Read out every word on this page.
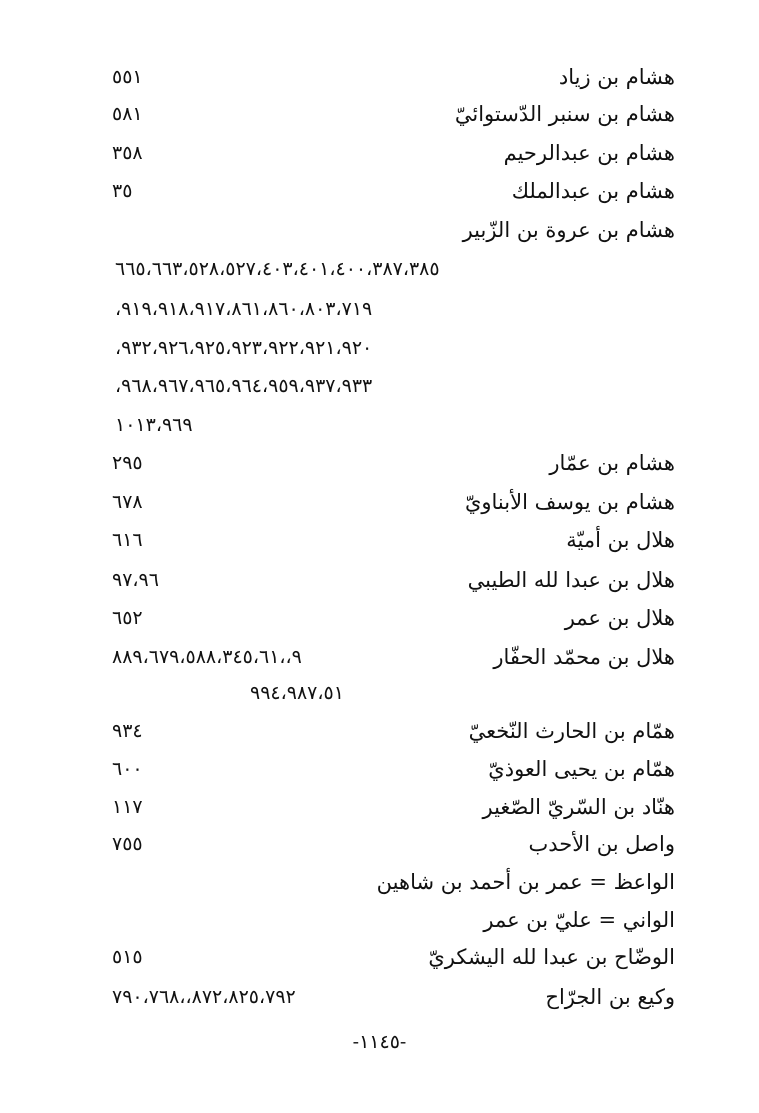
هشام بن زياد
٥٥١
هشام بن سنبر الدّستوائيّ
٥٨١
هشام بن عبدالرحيم
٣٥٨
هشام بن عبدالملك
٣٥
هشام بن عروة بن الزّبير
٦٦٥،٦٦٣،٥٢٨،٥٢٧،٤٠٣،٤٠١،٤٠٠،٣٨٧،٣٨٥
٩١٩،٩١٨،٩١٧،٨٦١،٨٦٠،٨٠٣،٧١٩،
٩٣٢،٩٢٦،٩٢٥،٩٢٣،٩٢٢،٩٢١،٩٢٠،
٩٦٨،٩٦٧،٩٦٥،٩٦٤،٩٥٩،٩٣٧،٩٣٣،
١٠١٣،٩٦٩
هشام بن عمّار
٢٩٥
هشام بن يوسف الأبناويّ
٦٧٨
هلال بن أميّة
٦١٦
هلال بن عبدا لله الطيبي
٩٧،٩٦
هلال بن عمر
٦٥٢
هلال بن محمّد الحفّار
٩،،٨٨٩،٦٧٩،٥٨٨،٣٤٥،٦١
٩٩٤،٩٨٧،٥١
همّام بن الحارث النّخعيّ
٩٣٤
همّام بن يحيى العوذيّ
٦٠٠
هنّاد بن السّريّ الصّغير
١١٧
واصل بن الأحدب
٧٥٥
الواعظ = عمر بن أحمد بن شاهين
الواني = عليّ بن عمر
الوضّاح بن عبدا لله اليشكريّ
٥١٥
وكيع بن الجرّاح
٨٧٢،٨٢٥،٧٩٢،،٧٩٠،٧٦٨
-١١٤٥-
